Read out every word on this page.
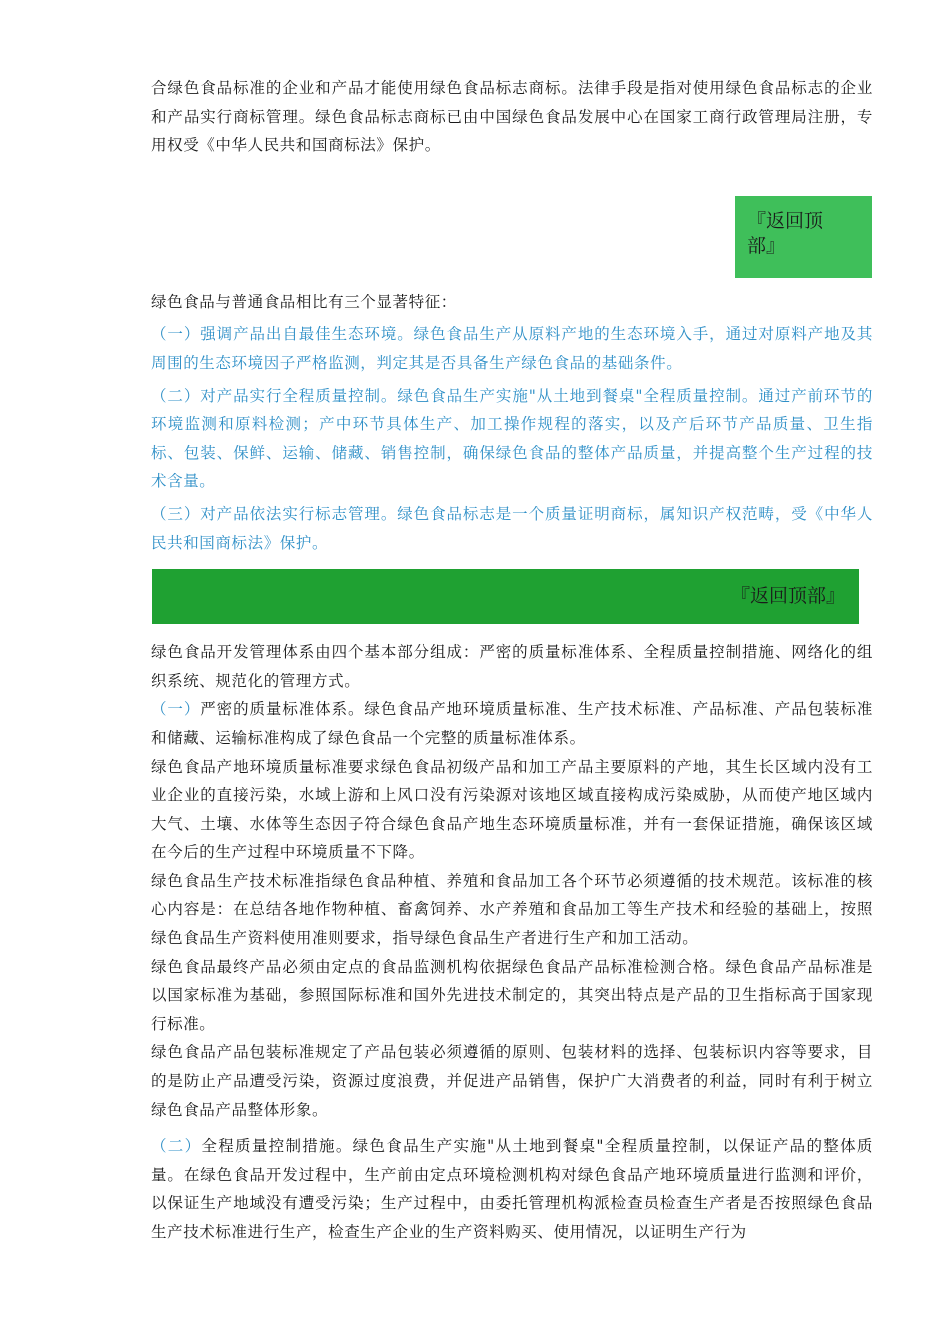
合绿色食品标准的企业和产品才能使用绿色食品标志商标。法律手段是指对使用绿色食品标志的企业和产品实行商标管理。绿色食品标志商标已由中国绿色食品发展中心在国家工商行政管理局注册，专用权受《中华人民共和国商标法》保护。

『返回顶部』

绿色食品与普通食品相比有三个显著特征：

（一）强调产品出自最佳生态环境。绿色食品生产从原料产地的生态环境入手，通过对原料产地及其周围的生态环境因子严格监测，判定其是否具备生产绿色食品的基础条件。

（二）对产品实行全程质量控制。绿色食品生产实施"从土地到餐桌"全程质量控制。通过产前环节的环境监测和原料检测；产中环节具体生产、加工操作规程的落实，以及产后环节产品质量、卫生指标、包装、保鲜、运输、储藏、销售控制，确保绿色食品的整体产品质量，并提高整个生产过程的技术含量。

（三）对产品依法实行标志管理。绿色食品标志是一个质量证明商标，属知识产权范畴，受《中华人民共和国商标法》保护。

『返回顶部』

绿色食品开发管理体系由四个基本部分组成：严密的质量标准体系、全程质量控制措施、网络化的组织系统、规范化的管理方式。

（一）严密的质量标准体系。绿色食品产地环境质量标准、生产技术标准、产品标准、产品包装标准和储藏、运输标准构成了绿色食品一个完整的质量标准体系。

绿色食品产地环境质量标准要求绿色食品初级产品和加工产品主要原料的产地，其生长区域内没有工业企业的直接污染，水域上游和上风口没有污染源对该地区域直接构成污染威胁，从而使产地区域内大气、土壤、水体等生态因子符合绿色食品产地生态环境质量标准，并有一套保证措施，确保该区域在今后的生产过程中环境质量不下降。

绿色食品生产技术标准指绿色食品种植、养殖和食品加工各个环节必须遵循的技术规范。该标准的核心内容是：在总结各地作物种植、畜禽饲养、水产养殖和食品加工等生产技术和经验的基础上，按照绿色食品生产资料使用准则要求，指导绿色食品生产者进行生产和加工活动。

绿色食品最终产品必须由定点的食品监测机构依据绿色食品产品标准检测合格。绿色食品产品标准是以国家标准为基础，参照国际标准和国外先进技术制定的，其突出特点是产品的卫生指标高于国家现行标准。

绿色食品产品包装标准规定了产品包装必须遵循的原则、包装材料的选择、包装标识内容等要求，目的是防止产品遭受污染，资源过度浪费，并促进产品销售，保护广大消费者的利益，同时有利于树立绿色食品产品整体形象。

（二）全程质量控制措施。绿色食品生产实施"从土地到餐桌"全程质量控制，以保证产品的整体质量。在绿色食品开发过程中，生产前由定点环境检测机构对绿色食品产地环境质量进行监测和评价，以保证生产地域没有遭受污染；生产过程中，由委托管理机构派检查员检查生产者是否按照绿色食品生产技术标准进行生产，检查生产企业的生产资料购买、使用情况，以证明生产行为
